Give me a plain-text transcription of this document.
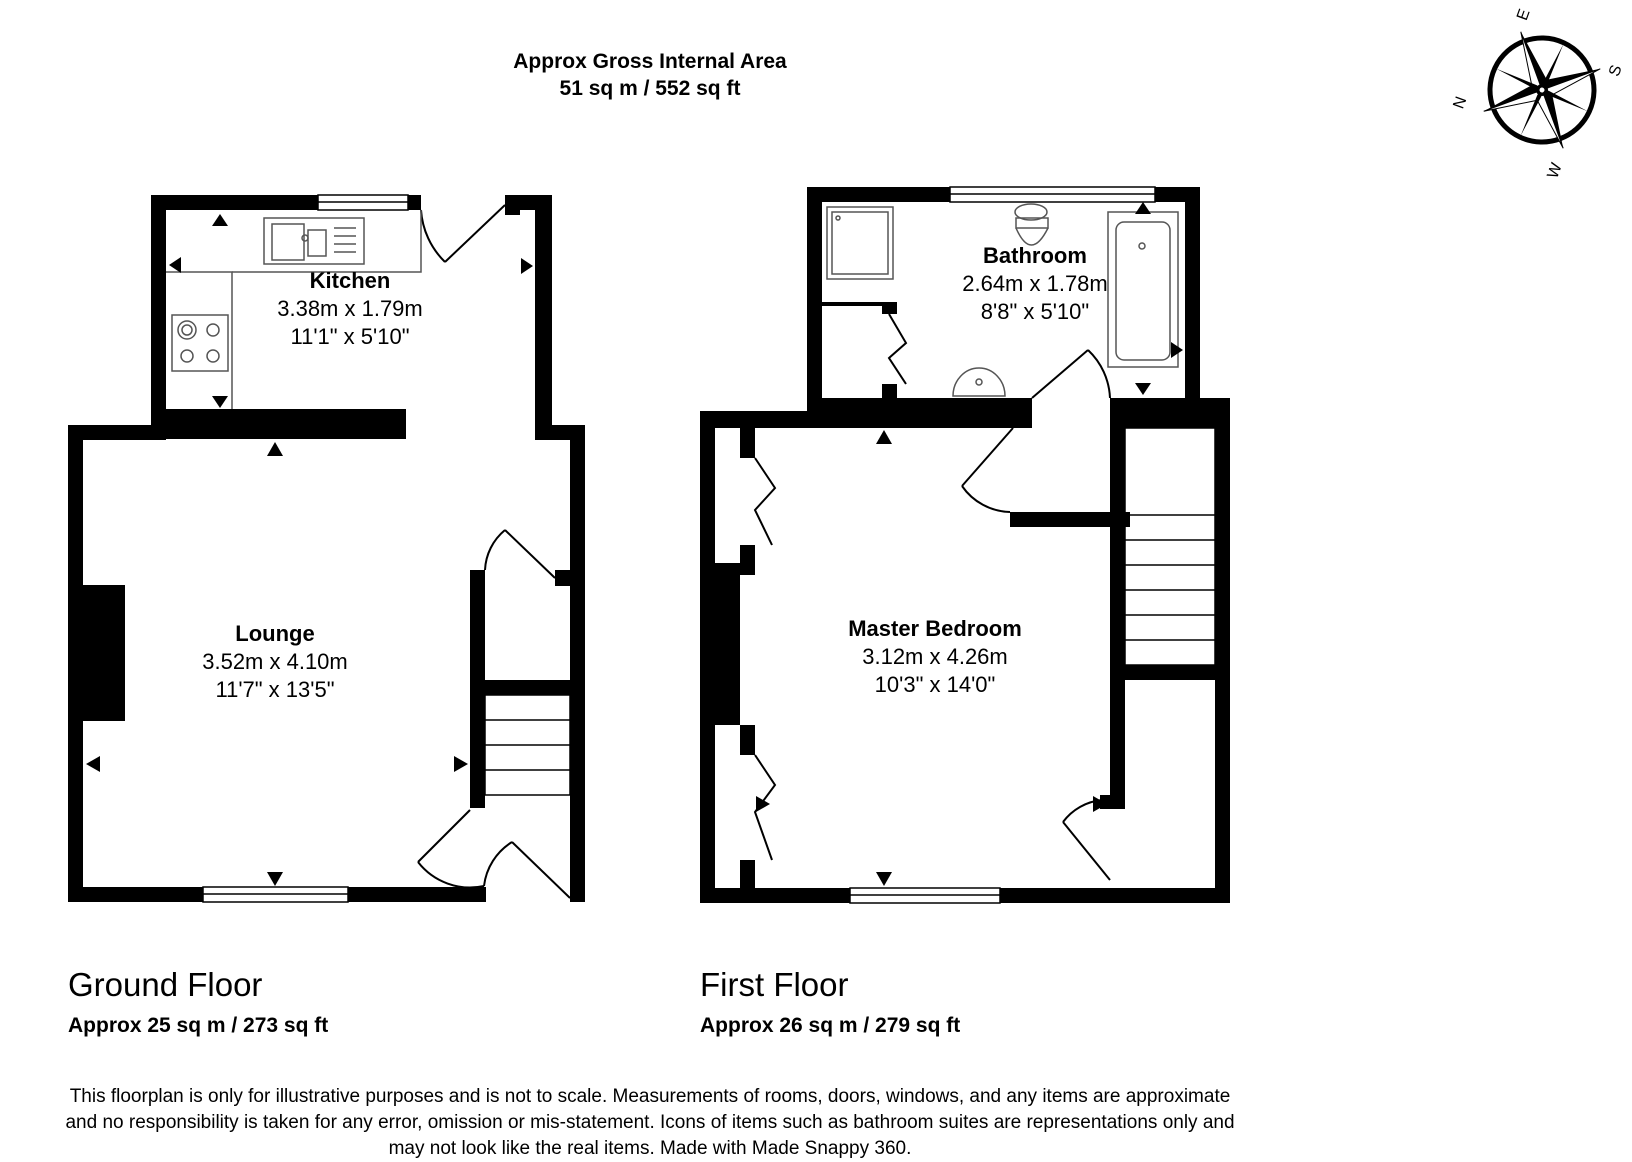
Approx Gross Internal Area
51 sq m / 552 sq ft
E
S
N
W
Kitchen
3.38m x 1.79m
11'1" x 5'10"
Lounge
3.52m x 4.10m
11'7" x 13'5"
Bathroom
2.64m x 1.78m
8'8" x 5'10"
Master Bedroom
3.12m x 4.26m
10'3" x 14'0"
Ground Floor
Approx 25 sq m / 273 sq ft
First Floor
Approx 26 sq m / 279 sq ft
This floorplan is only for illustrative purposes and is not to scale. Measurements of rooms, doors, windows, and any items are approximate
and no responsibility is taken for any error, omission or mis-statement. Icons of items such as bathroom suites are representations only and
may not look like the real items. Made with Made Snappy 360.
